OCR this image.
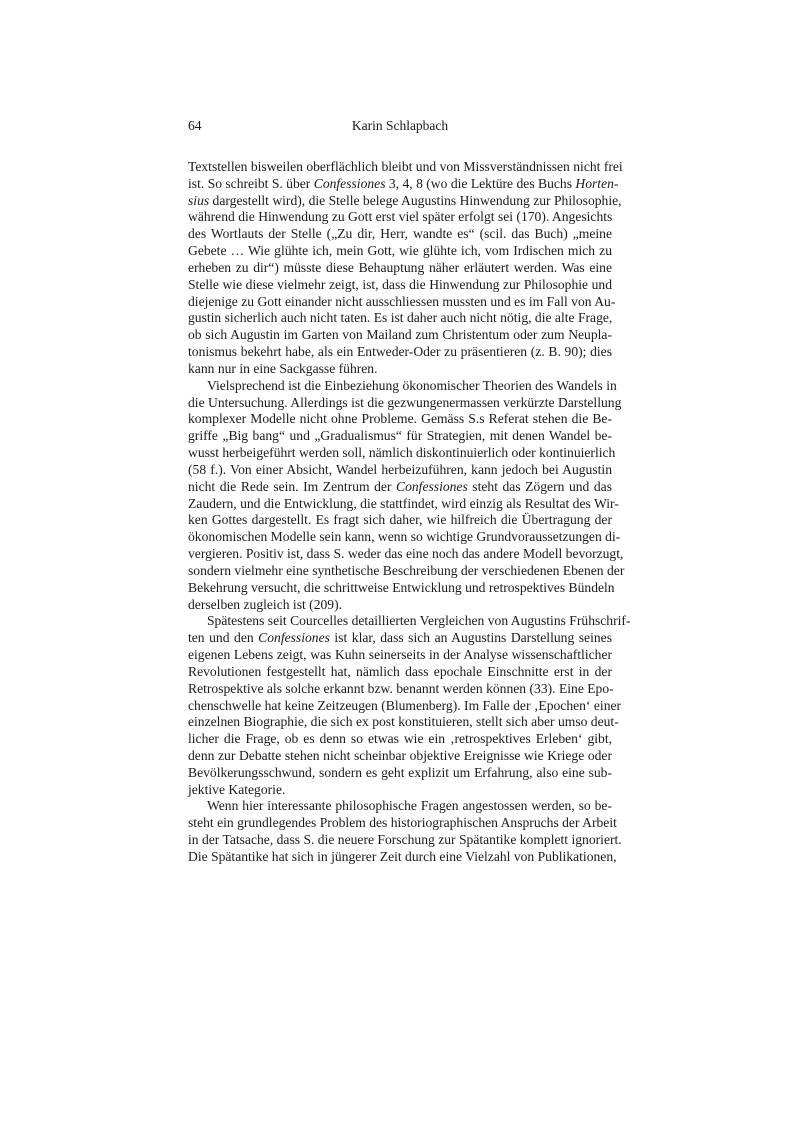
64	Karin Schlapbach
Textstellen bisweilen oberflächlich bleibt und von Missverständnissen nicht frei
ist. So schreibt S. über Confessiones 3, 4, 8 (wo die Lektüre des Buchs Horten-
sius dargestellt wird), die Stelle belege Augustins Hinwendung zur Philosophie,
während die Hinwendung zu Gott erst viel später erfolgt sei (170). Angesichts
des Wortlauts der Stelle („Zu dir, Herr, wandte es“ (scil. das Buch) „meine
Gebete … Wie glühte ich, mein Gott, wie glühte ich, vom Irdischen mich zu
erheben zu dir“) müsste diese Behauptung näher erläutert werden. Was eine
Stelle wie diese vielmehr zeigt, ist, dass die Hinwendung zur Philosophie und
diejenige zu Gott einander nicht ausschliessen mussten und es im Fall von Au-
gustin sicherlich auch nicht taten. Es ist daher auch nicht nötig, die alte Frage,
ob sich Augustin im Garten von Mailand zum Christentum oder zum Neupla-
tonismus bekehrt habe, als ein Entweder-Oder zu präsentieren (z. B. 90); dies
kann nur in eine Sackgasse führen.
Vielsprechend ist die Einbeziehung ökonomischer Theorien des Wandels in
die Untersuchung. Allerdings ist die gezwungenermassen verkürzte Darstellung
komplexer Modelle nicht ohne Probleme. Gemäss S.s Referat stehen die Be-
griffe „Big bang“ und „Gradualismus“ für Strategien, mit denen Wandel be-
wusst herbeigeführt werden soll, nämlich diskontinuierlich oder kontinuierlich
(58 f.). Von einer Absicht, Wandel herbeizuführen, kann jedoch bei Augustin
nicht die Rede sein. Im Zentrum der Confessiones steht das Zögern und das
Zaudern, und die Entwicklung, die stattfindet, wird einzig als Resultat des Wir-
ken Gottes dargestellt. Es fragt sich daher, wie hilfreich die Übertragung der
ökonomischen Modelle sein kann, wenn so wichtige Grundvoraussetzungen di-
vergieren. Positiv ist, dass S. weder das eine noch das andere Modell bevorzugt,
sondern vielmehr eine synthetische Beschreibung der verschiedenen Ebenen der
Bekehrung versucht, die schrittweise Entwicklung und retrospektives Bündeln
derselben zugleich ist (209).
Spätestens seit Courcelles detaillierten Vergleichen von Augustins Frühschrif-
ten und den Confessiones ist klar, dass sich an Augustins Darstellung seines
eigenen Lebens zeigt, was Kuhn seinerseits in der Analyse wissenschaftlicher
Revolutionen festgestellt hat, nämlich dass epochale Einschnitte erst in der
Retrospektive als solche erkannt bzw. benannt werden können (33). Eine Epo-
chenschwelle hat keine Zeitzeugen (Blumenberg). Im Falle der ‚Epochen‘ einer
einzelnen Biographie, die sich ex post konstituieren, stellt sich aber umso deut-
licher die Frage, ob es denn so etwas wie ein ‚retrospektives Erleben‘ gibt,
denn zur Debatte stehen nicht scheinbar objektive Ereignisse wie Kriege oder
Bevölkerungsschwund, sondern es geht explizit um Erfahrung, also eine sub-
jektive Kategorie.
Wenn hier interessante philosophische Fragen angestossen werden, so be-
steht ein grundlegendes Problem des historiographischen Anspruchs der Arbeit
in der Tatsache, dass S. die neuere Forschung zur Spätantike komplett ignoriert.
Die Spätantike hat sich in jüngerer Zeit durch eine Vielzahl von Publikationen,
